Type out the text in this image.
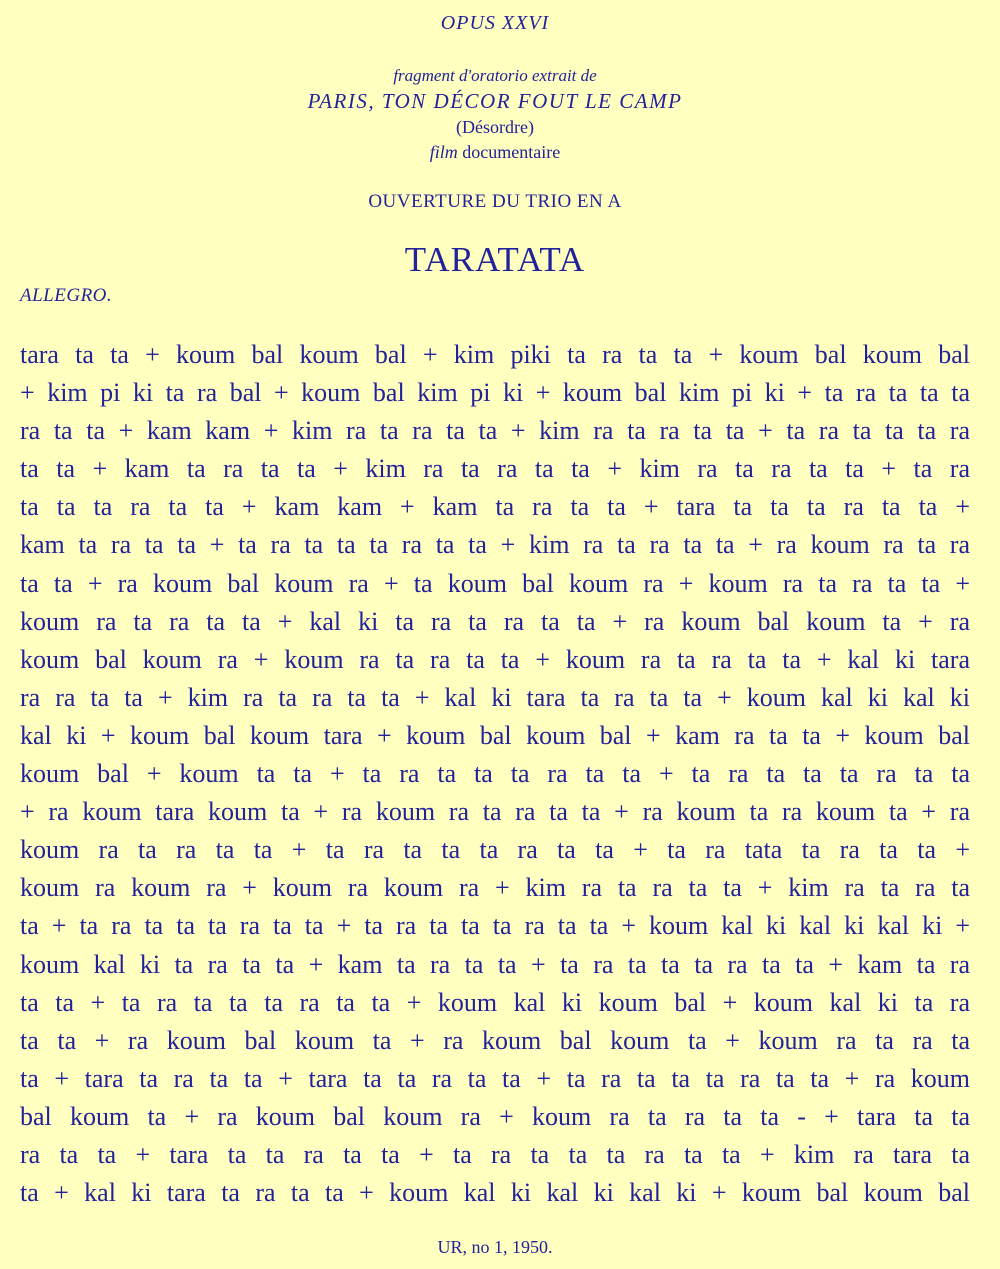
OPUS XXVI
fragment d'oratorio extrait de
PARIS, TON DÉCOR FOUT LE CAMP
(Désordre)
film documentaire
OUVERTURE DU TRIO EN A
TARATATA
ALLEGRO.
tara ta ta + koum bal koum bal + kim piki ta ra ta ta + koum bal koum bal
+ kim pi ki ta ra bal + koum bal kim pi ki + koum bal kim pi ki + ta ra ta ta ta
ra ta ta + kam kam + kim ra ta ra ta ta + kim ra ta ra ta ta + ta ra ta ta ta ra
ta ta + kam ta ra ta ta + kim ra ta ra ta ta + kim ra ta ra ta ta + ta ra
ta ta ta ra ta ta + kam kam + kam ta ra ta ta + tara ta ta ta ra ta ta +
kam ta ra ta ta + ta ra ta ta ta ra ta ta + kim ra ta ra ta ta + ra koum ra ta ra
ta ta + ra koum bal koum ra + ta koum bal koum ra + koum ra ta ra ta ta +
koum ra ta ra ta ta + kal ki ta ra ta ra ta ta + ra koum bal koum ta + ra
koum bal koum ra + koum ra ta ra ta ta + koum ra ta ra ta ta + kal ki tara
ra ra ta ta + kim ra ta ra ta ta + kal ki tara ta ra ta ta + koum kal ki kal ki
kal ki + koum bal koum tara + koum bal koum bal + kam ra ta ta + koum bal
koum bal + koum ta ta + ta ra ta ta ta ra ta ta + ta ra ta ta ta ra ta ta
+ ra koum tara koum ta + ra koum ra ta ra ta ta + ra koum ta ra koum ta + ra
koum ra ta ra ta ta + ta ra ta ta ta ra ta ta + ta ra tata ta ra ta ta +
koum ra koum ra + koum ra koum ra + kim ra ta ra ta ta + kim ra ta ra ta
ta + ta ra ta ta ta ra ta ta + ta ra ta ta ta ra ta ta + koum kal ki kal ki kal ki +
koum kal ki ta ra ta ta + kam ta ra ta ta + ta ra ta ta ta ra ta ta + kam ta ra
ta ta + ta ra ta ta ta ra ta ta + koum kal ki koum bal + koum kal ki ta ra
ta ta + ra koum bal koum ta + ra koum bal koum ta + koum ra ta ra ta
ta + tara ta ra ta ta + tara ta ta ra ta ta + ta ra ta ta ta ra ta ta + ra koum
bal koum ta + ra koum bal koum ra + koum ra ta ra ta ta - + tara ta ta
ra ta ta + tara ta ta ra ta ta + ta ra ta ta ta ra ta ta + kim ra tara ta
ta + kal ki tara ta ra ta ta + koum kal ki kal ki kal ki + koum bal koum bal
UR, no 1, 1950.
